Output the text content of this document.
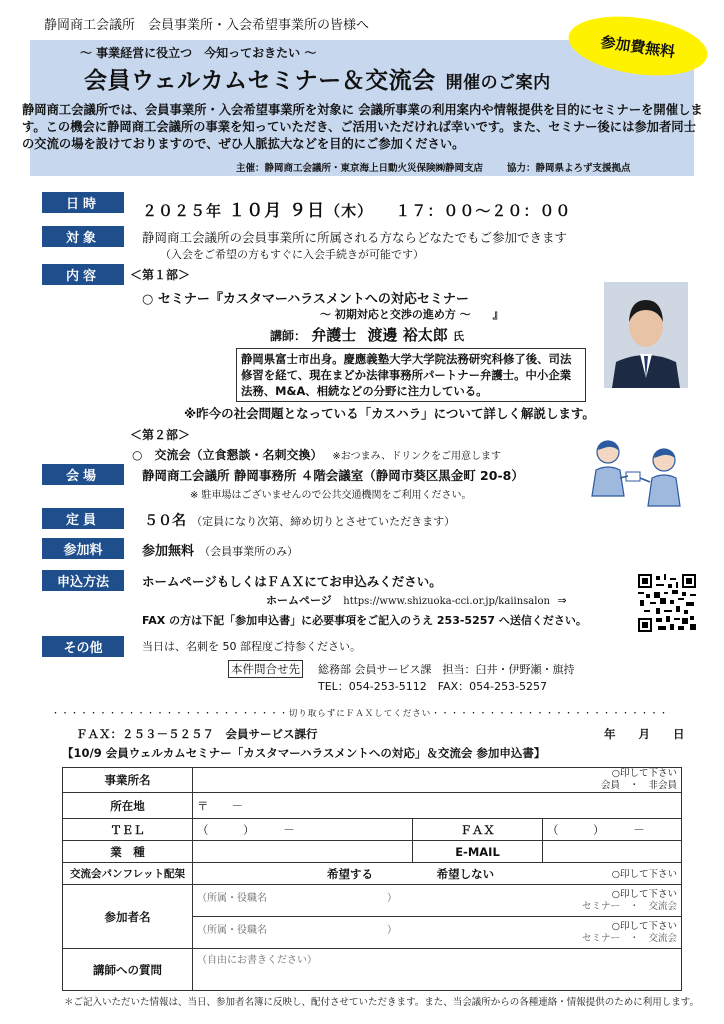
静岡商工会議所　会員事業所・入会希望事業所の皆様へ
～ 事業経営に役立つ　今知っておきたい ～
会員ウェルカムセミナー＆交流会 開催のご案内
参加費無料
静岡商工会議所では、会員事業所・入会希望事業所を対象に 会議所事業の利用案内や情報提供を目的にセミナーを開催します。この機会に静岡商工会議所の事業を知っていただき、ご活用いただければ幸いです。また、セミナー後には参加者同士の交流の場を設けておりますので、ぜひ人脈拡大などを目的にご参加ください。
主催：静岡商工会議所・東京海上日動火災保険㈱静岡支店	協力：静岡県よろず支援拠点
日時	２０２５年 １０月 ９日（木） １７：００～２０：００
対象	静岡商工会議所の会員事業所に所属される方ならどなたでもご参加できます
（入会をご希望の方もすぐに入会手続きが可能です）
内容	＜第１部＞
○ セミナー『カスタマーハラスメントへの対応セミナー
～ 初期対応と交渉の進め方 ～　　』
講師： 弁護士 渡邊 裕太郎 氏
静岡県富士市出身。慶應義塾大学大学院法務研究科修了後、司法修習を経て、現在まどか法律事務所パートナー弁護士。中小企業法務、M&A、相続などの分野に注力している。
※昨今の社会問題となっている「カスハラ」について詳しく解説します。
＜第２部＞
○　交流会（立食懇談・名刺交換） ※おつまみ、ドリンクをご用意します
会場	静岡商工会議所 静岡事務所 ４階会議室（静岡市葵区黒金町 20-8）
※ 駐車場はございませんので公共交通機関をご利用ください。
定員	５０名 （定員になり次第、締め切りとさせていただきます）
参加料	参加無料 （会員事業所のみ）
申込方法	ホームページもしくはＦＡＸにてお申込みください。
ホームページ https://www.shizuoka-cci.or.jp/kaiinsalon ⇒
FAX の方は下記「参加申込書」に必要事項をご記入のうえ 253-5257 へ送信ください。
その他	当日は、名刺を 50 部程度ご持参ください。
本件問合せ先 総務部 会員サービス課　担当：臼井・伊野瀬・旗持
TEL：054-253-5112　FAX：054-253-5257
・・・・・・・・・・・・・・・・・・・・・・・・・切り取らずにＦＡＸしてください・・・・・・・・・・・・・・・・・・・・・・・・・
ＦＡＸ：２５３－５２５７　会員サービス課行	年　　月　　日
【10/9 会員ウェルカムセミナー「カスタマーハラスメントへの対応」＆交流会 参加申込書】
事業所名	○印して下さい
会員　・　非会員		

所在地	〒　　－		
ＴＥＬ	（　　　）　　　－	ＦＡＸ	（　　　）　　　－
業　種		E-MAIL	
交流会パンフレット配架	希望する 希望しない ○印して下さい		

参加者名	（所属・役職名　　　　　　　　　　　　） ○印して下さい
セミナー　・　交流会		

	（所属・役職名　　　　　　　　　　　　） ○印して下さい
セミナー　・　交流会		

講師への質問	（自由にお書きください）		
＊ご記入いただいた情報は、当日、参加者名簿に反映し、配付させていただきます。また、当会議所からの各種連絡・情報提供のために利用します。
